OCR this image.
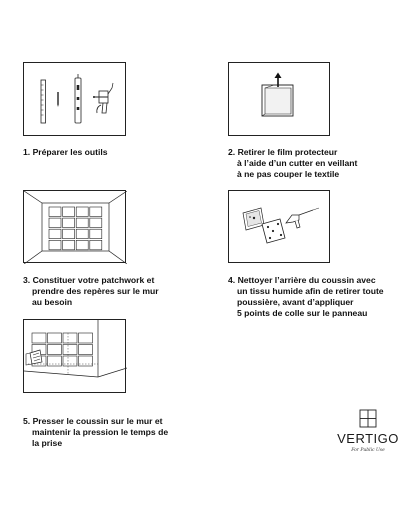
1. Préparer les outils	2. Retirer le film protecteur
à l’aide d’un cutter en veillant
à ne pas couper le textile
3. Constituer votre patchwork et
prendre des repères sur le mur
au besoin
4. Nettoyer l’arrière du coussin avec
un tissu humide afin de retirer toute
poussière, avant d’appliquer
5 points de colle sur le panneau
5. Presser le coussin sur le mur et
maintenir la pression le temps de
la prise	VERTIGO
For Public Use
